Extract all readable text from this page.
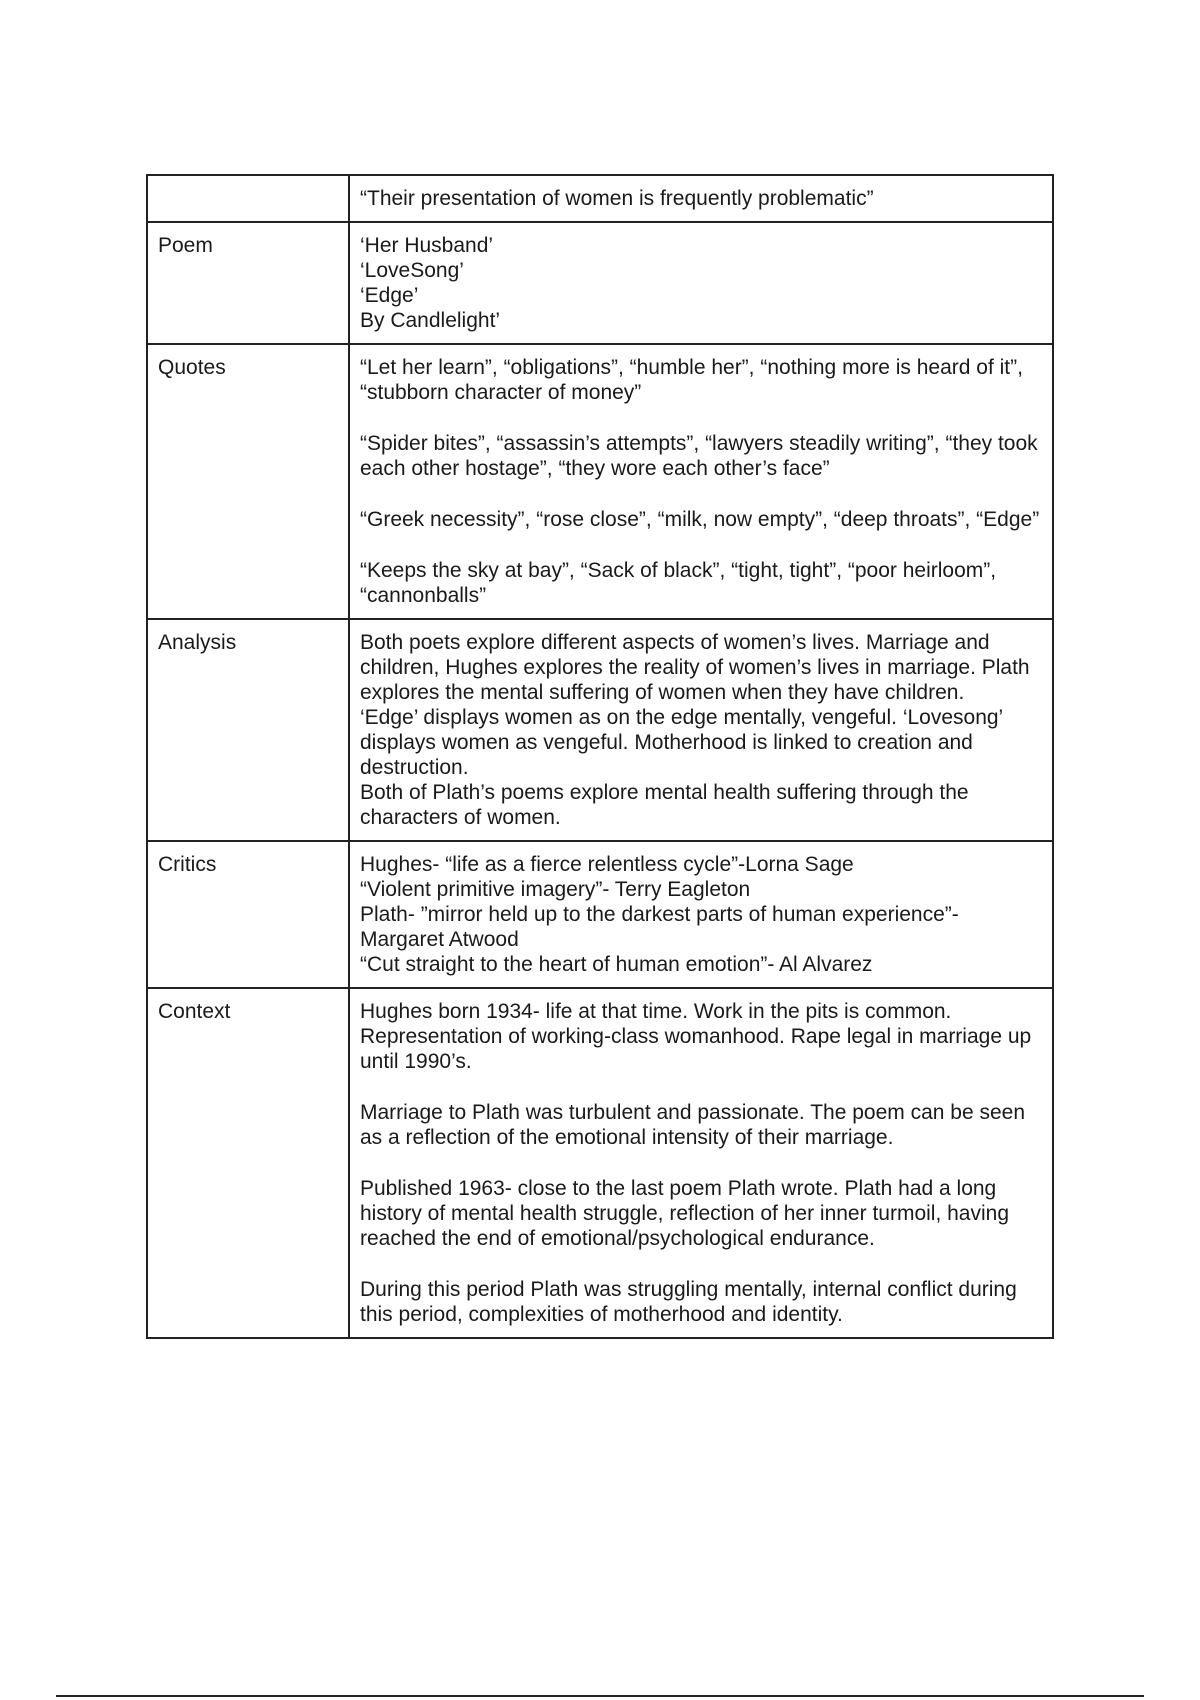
	“Their presentation of women is frequently problematic”
Poem	‘Her Husband’
‘LoveSong’
‘Edge’
By Candlelight’

Quotes	“Let her learn”, “obligations”, “humble her”, “nothing more is heard of it”, “stubborn character of money”

“Spider bites”, “assassin’s attempts”, “lawyers steadily writing”, “they took each other hostage”, “they wore each other’s face”

“Greek necessity”, “rose close”, “milk, now empty”, “deep throats”, “Edge”

“Keeps the sky at bay”, “Sack of black”, “tight, tight”, “poor heirloom”, “cannonballs”

Analysis	Both poets explore different aspects of women’s lives. Marriage and children, Hughes explores the reality of women’s lives in marriage. Plath explores the mental suffering of women when they have children.
‘Edge’ displays women as on the edge mentally, vengeful. ‘Lovesong’ displays women as vengeful. Motherhood is linked to creation and destruction.
Both of Plath’s poems explore mental health suffering through the characters of women.

Critics	Hughes- “life as a fierce relentless cycle”-Lorna Sage
“Violent primitive imagery”- Terry Eagleton
Plath- ”mirror held up to the darkest parts of human experience”- Margaret Atwood
“Cut straight to the heart of human emotion”- Al Alvarez

Context	Hughes born 1934- life at that time. Work in the pits is common. Representation of working-class womanhood. Rape legal in marriage up until 1990’s.

Marriage to Plath was turbulent and passionate. The poem can be seen as a reflection of the emotional intensity of their marriage.

Published 1963- close to the last poem Plath wrote. Plath had a long history of mental health struggle, reflection of her inner turmoil, having reached the end of emotional/psychological endurance.

During this period Plath was struggling mentally, internal conflict during this period, complexities of motherhood and identity.
